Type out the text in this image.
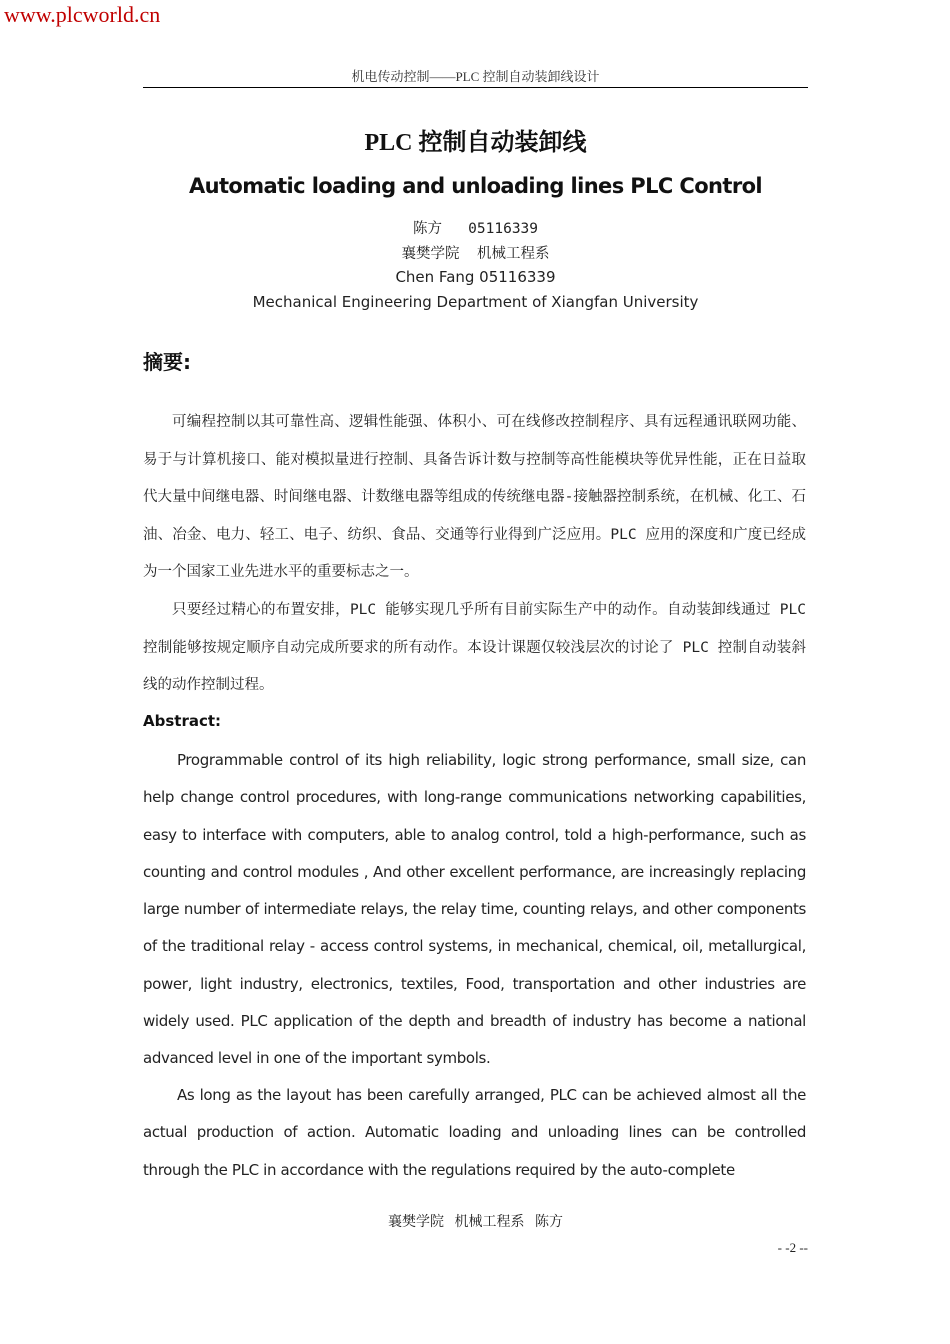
www.plcworld.cn
机电传动控制——PLC 控制自动装卸线设计
PLC 控制自动装卸线
Automatic loading and unloading lines PLC Control
陈方   05116339
襄樊学院  机械工程系
Chen Fang 05116339
Mechanical Engineering Department of Xiangfan University
摘要:

可编程控制以其可靠性高、逻辑性能强、体积小、可在线修改控制程序、具有远程通讯联网功能、易于与计算机接口、能对模拟量进行控制、具备告诉计数与控制等高性能模块等优异性能，正在日益取代大量中间继电器、时间继电器、计数继电器等组成的传统继电器-接触器控制系统，在机械、化工、石油、冶金、电力、轻工、电子、纺织、食品、交通等行业得到广泛应用。PLC 应用的深度和广度已经成为一个国家工业先进水平的重要标志之一。

只要经过精心的布置安排，PLC 能够实现几乎所有目前实际生产中的动作。自动装卸线通过 PLC 控制能够按规定顺序自动完成所要求的所有动作。本设计课题仅较浅层次的讨论了 PLC 控制自动装斜线的动作控制过程。

Abstract:

Programmable control of its high reliability, logic strong performance, small size, can help change control procedures, with long-range communications networking capabilities, easy to interface with computers, able to analog control, told a high-performance, such as counting and control modules , And other excellent performance, are increasingly replacing large number of intermediate relays, the relay time, counting relays, and other components of the traditional relay - access control systems, in mechanical, chemical, oil, metallurgical, power, light industry, electronics, textiles, Food, transportation and other industries are widely used. PLC application of the depth and breadth of industry has become a national advanced level in one of the important symbols.

As long as the layout has been carefully arranged, PLC can be achieved almost all the actual production of action. Automatic loading and unloading lines can be controlled through the PLC in accordance with the regulations required by the auto-complete

襄樊学院   机械工程系   陈方
- -2 --
